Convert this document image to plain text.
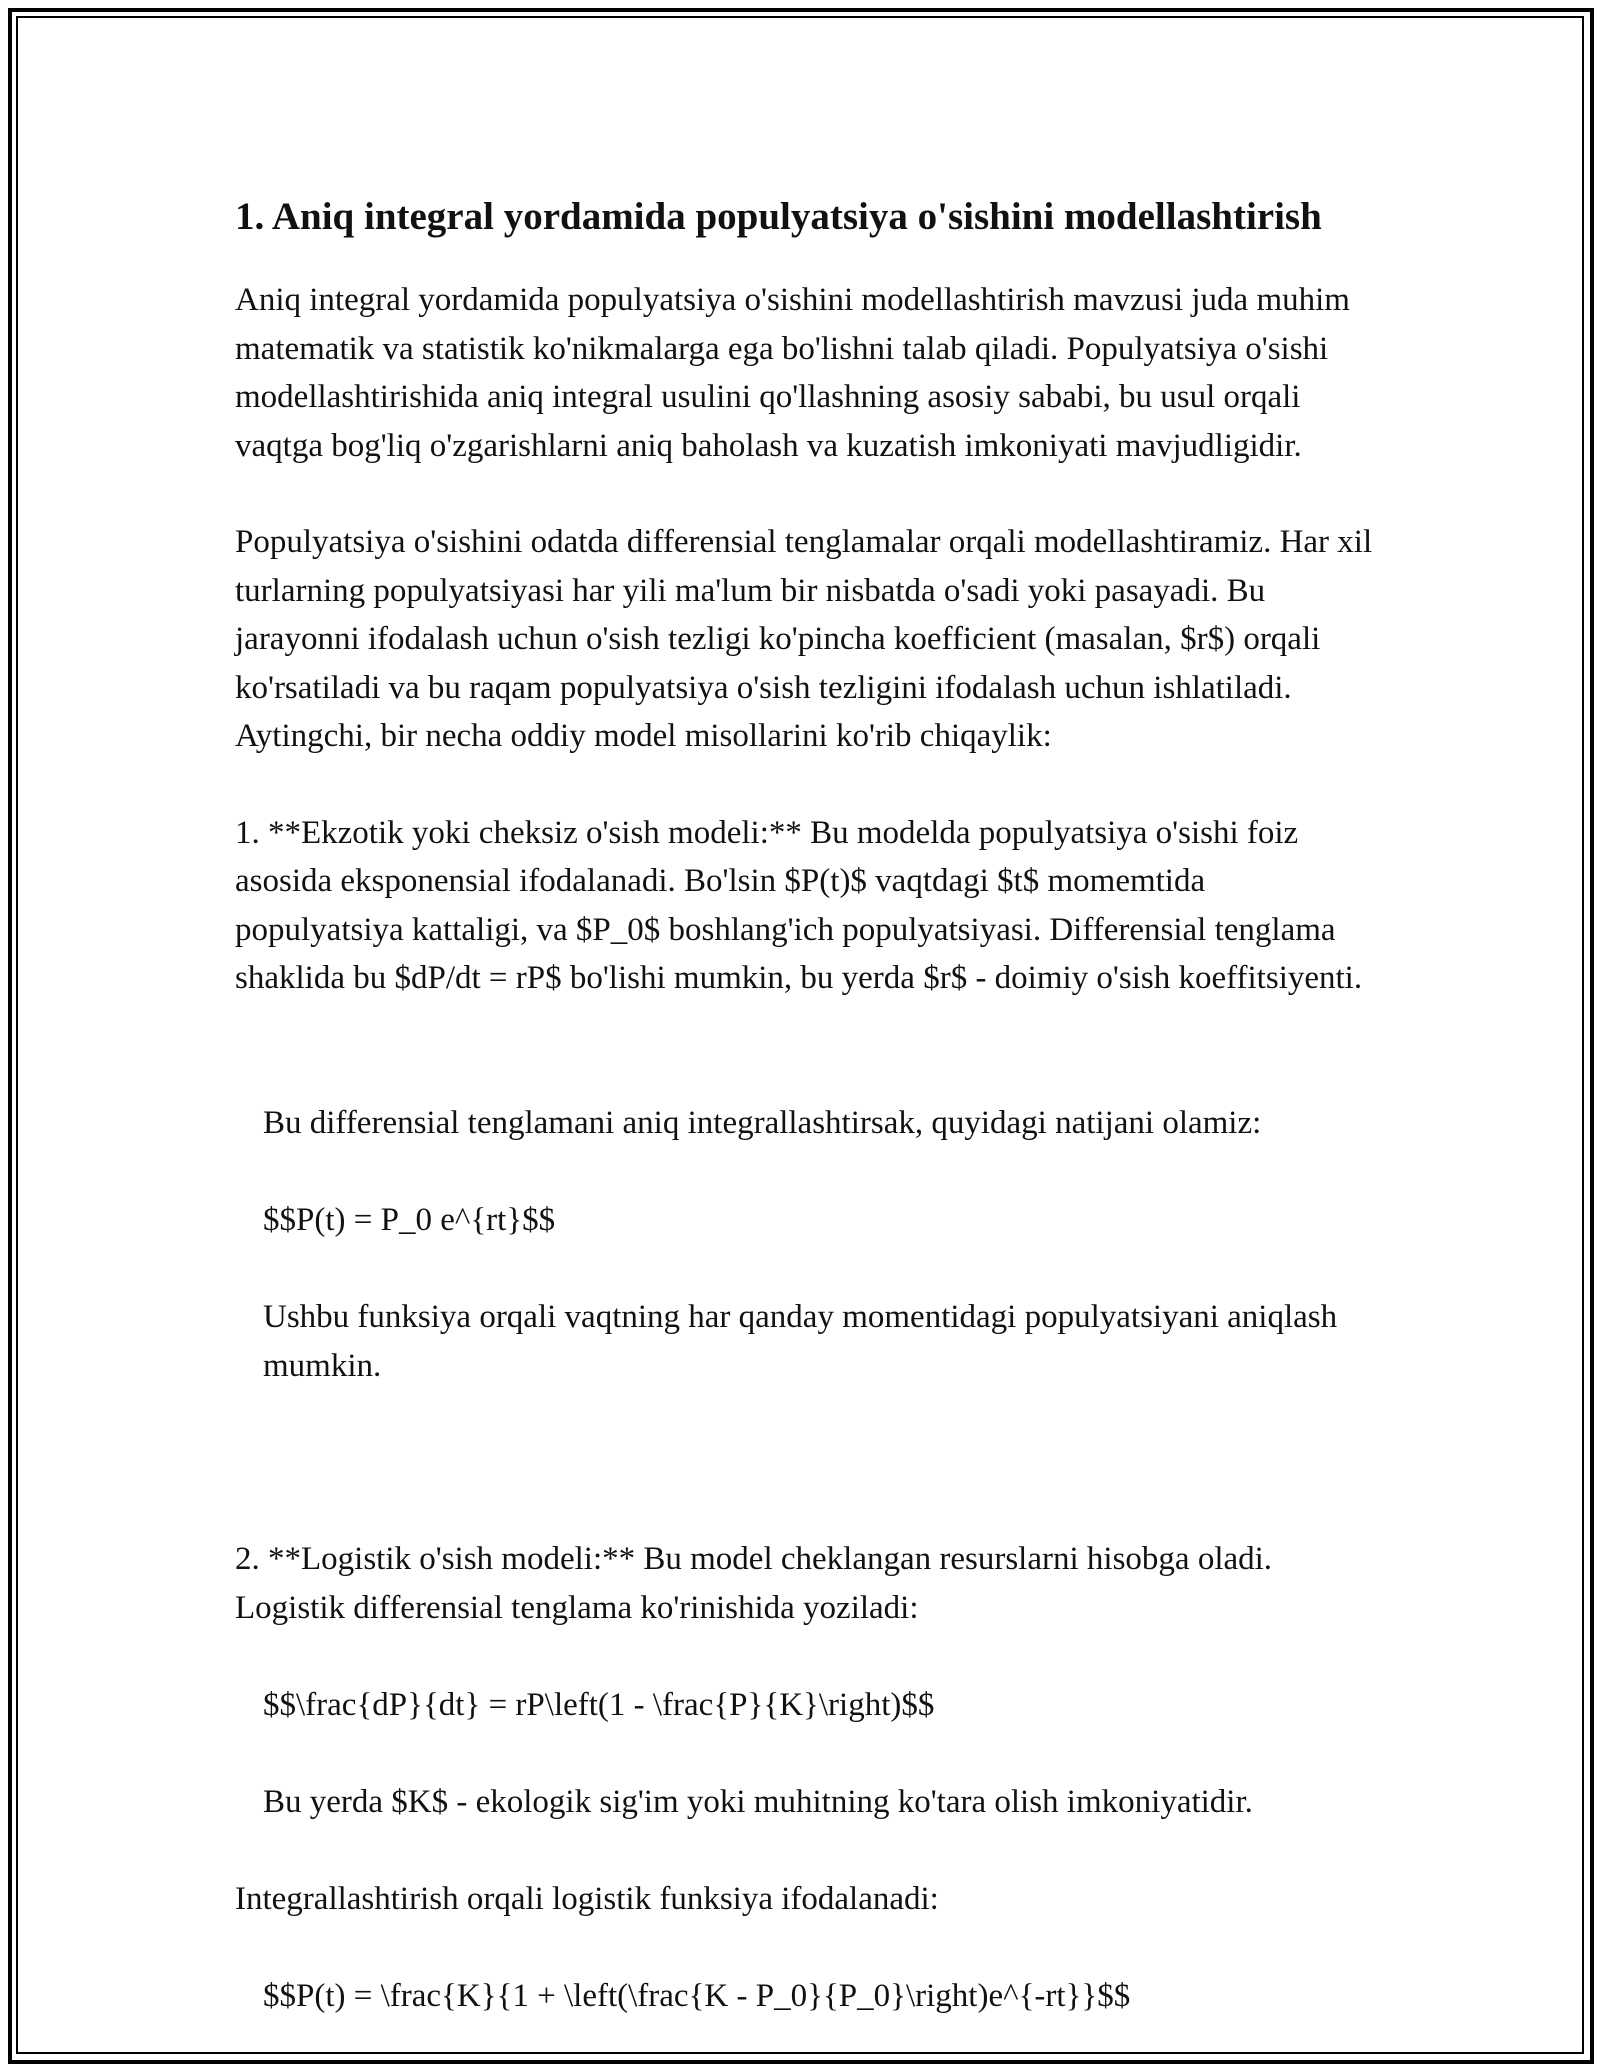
1. Aniq integral yordamida populyatsiya o'sishini modellashtirish

Aniq integral yordamida populyatsiya o'sishini modellashtirish mavzusi juda muhim matematik va statistik ko'nikmalarga ega bo'lishni talab qiladi. Populyatsiya o'sishi modellashtirishida aniq integral usulini qo'llashning asosiy sababi, bu usul orqali vaqtga bog'liq o'zgarishlarni aniq baholash va kuzatish imkoniyati mavjudligidir.

Populyatsiya o'sishini odatda differensial tenglamalar orqali modellashtiramiz. Har xil turlarning populyatsiyasi har yili ma'lum bir nisbatda o'sadi yoki pasayadi. Bu jarayonni ifodalash uchun o'sish tezligi ko'pincha koefficient (masalan, $r$) orqali ko'rsatiladi va bu raqam populyatsiya o'sish tezligini ifodalash uchun ishlatiladi. Aytingchi, bir necha oddiy model misollarini ko'rib chiqaylik:

1. **Ekzotik yoki cheksiz o'sish modeli:** Bu modelda populyatsiya o'sishi foiz asosida eksponensial ifodalanadi. Bo'lsin $P(t)$ vaqtdagi $t$ momemtida populyatsiya kattaligi, va $P_0$ boshlang'ich populyatsiyasi. Differensial tenglama shaklida bu $dP/dt = rP$ bo'lishi mumkin, bu yerda $r$ - doimiy o'sish koeffitsiyenti.

Bu differensial tenglamani aniq integrallashtirsak, quyidagi natijani olamiz:

$$P(t) = P_0 e^{rt}$$

Ushbu funksiya orqali vaqtning har qanday momentidagi populyatsiyani aniqlash mumkin.

2. **Logistik o'sish modeli:** Bu model cheklangan resurslarni hisobga oladi. Logistik differensial tenglama ko'rinishida yoziladi:

$$\frac{dP}{dt} = rP\left(1 - \frac{P}{K}\right)$$

Bu yerda $K$ - ekologik sig'im yoki muhitning ko'tara olish imkoniyatidir.

Integrallashtirish orqali logistik funksiya ifodalanadi:

$$P(t) = \frac{K}{1 + \left(\frac{K - P_0}{P_0}\right)e^{-rt}}$$
